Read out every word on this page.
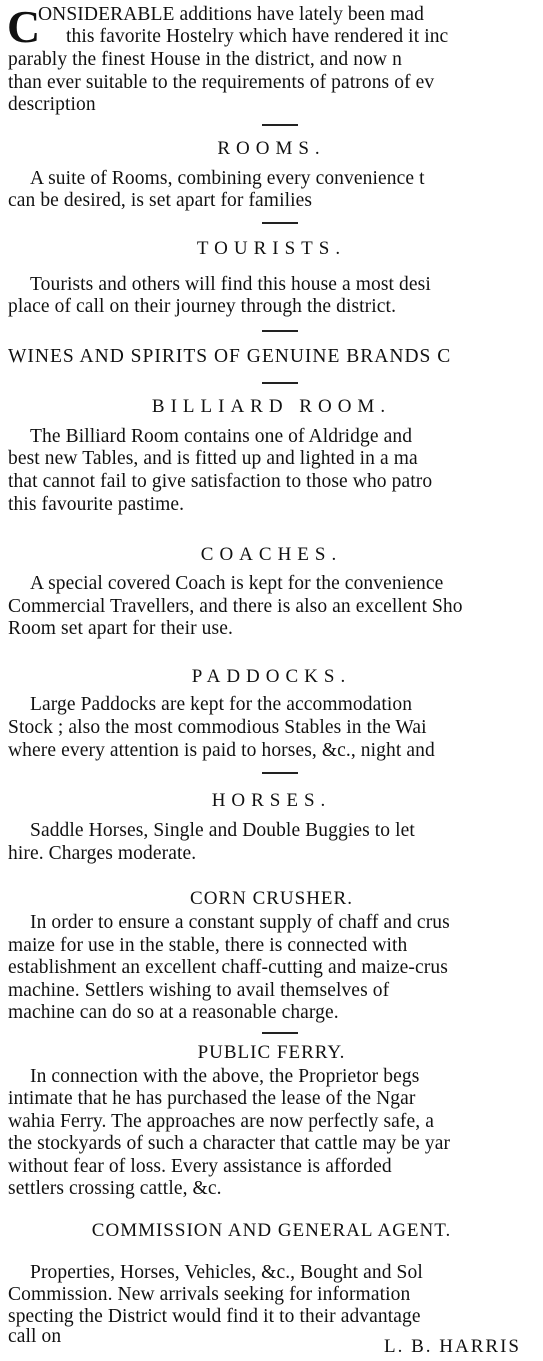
C
ONSIDERABLE additions have lately been mad
this favorite Hostelry which have rendered it inc
parably the finest House in the district, and now n
than ever suitable to the requirements of patrons of ev
description
ROOMS.
A suite of Rooms, combining every convenience t
can be desired, is set apart for families
TOURISTS.
Tourists and others will find this house a most desi
place of call on their journey through the district.
WINES AND SPIRITS OF GENUINE BRANDS C
BILLIARD ROOM.
The Billiard Room contains one of Aldridge and
best new Tables, and is fitted up and lighted in a ma
that cannot fail to give satisfaction to those who patro
this favourite pastime.
COACHES.
A special covered Coach is kept for the convenience
Commercial Travellers, and there is also an excellent Sho
Room set apart for their use.
PADDOCKS.
Large Paddocks are kept for the accommodation
Stock ; also the most commodious Stables in the Wai
where every attention is paid to horses, &c., night and
HORSES.
Saddle Horses, Single and Double Buggies to let
hire. Charges moderate.
CORN CRUSHER.
In order to ensure a constant supply of chaff and crus
maize for use in the stable, there is connected with
establishment an excellent chaff-cutting and maize-crus
machine. Settlers wishing to avail themselves of
machine can do so at a reasonable charge.
PUBLIC FERRY.
In connection with the above, the Proprietor begs
intimate that he has purchased the lease of the Ngar
wahia Ferry. The approaches are now perfectly safe, a
the stockyards of such a character that cattle may be yar
without fear of loss. Every assistance is afforded
settlers crossing cattle, &c.
COMMISSION AND GENERAL AGENT.
Properties, Horses, Vehicles, &c., Bought and Sol
Commission. New arrivals seeking for information
specting the District would find it to their advantage
call on	L. B. HARRIS
